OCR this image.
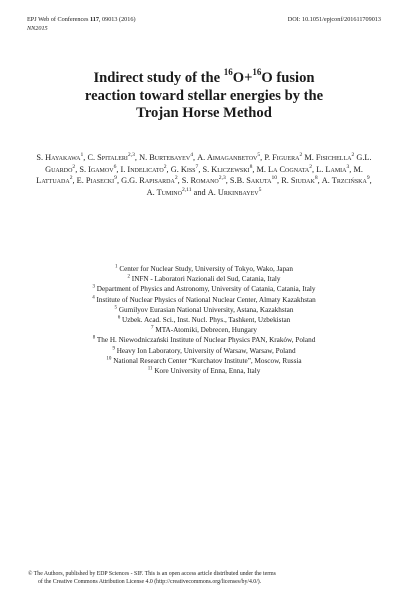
EPJ Web of Conferences 117, 09013 (2016)	DOI: 10.1051/epjconf/201611709013
NN2015
Indirect study of the $^{16}$O+$^{16}$O fusion
reaction toward stellar energies by the
Trojan Horse Method
S. Hayakawa$^1$, C. Spitaleri$^{2,3}$, N. Burtebayev$^4$, A. Aimaganbetov$^5$, P. Figuera$^2$ M. Fisichella$^2$ G.L. Guardo$^2$, S. Igamov$^6$, I. Indelicato$^2$, G. Kiss$^7$, S. Kliczewski$^8$, M. La Cognata$^2$, L. Lamia$^3$, M. Lattuada$^2$, E. Piasecki$^9$, G.G. Rapisarda$^2$, S. Romano$^{2,3}$, S.B. Sakuta$^{10}$, R. Siudak$^8$, A. Trzcińska$^9$, A. Tumino$^{2,11}$ and A. Urkinbayev$^5$

$^1$ Center for Nuclear Study, University of Tokyo, Wako, Japan

$^2$ INFN - Laboratori Nazionali del Sud, Catania, Italy

$^3$ Department of Physics and Astronomy, University of Catania, Catania, Italy

$^4$ Institute of Nuclear Physics of National Nuclear Center, Almaty Kazakhstan

$^5$ Gumilyov Eurasian National University, Astana, Kazakhstan

$^6$ Uzbek. Acad. Sci., Inst. Nucl. Phys., Tashkent, Uzbekistan

$^7$ MTA-Atomiki, Debrecen, Hungary

$^8$ The H. Niewodniczański Institute of Nuclear Physics PAN, Kraków, Poland

$^9$ Heavy Ion Laboratory, University of Warsaw, Warsaw, Poland

$^{10}$ National Research Center “Kurchatov Institute”, Moscow, Russia

$^{11}$ Kore University of Enna, Enna, Italy

© The Authors, published by EDP Sciences - SIF. This is an open access article distributed under the terms
of the Creative Commons Attribution License 4.0 (http://creativecommons.org/licenses/by/4.0/).
